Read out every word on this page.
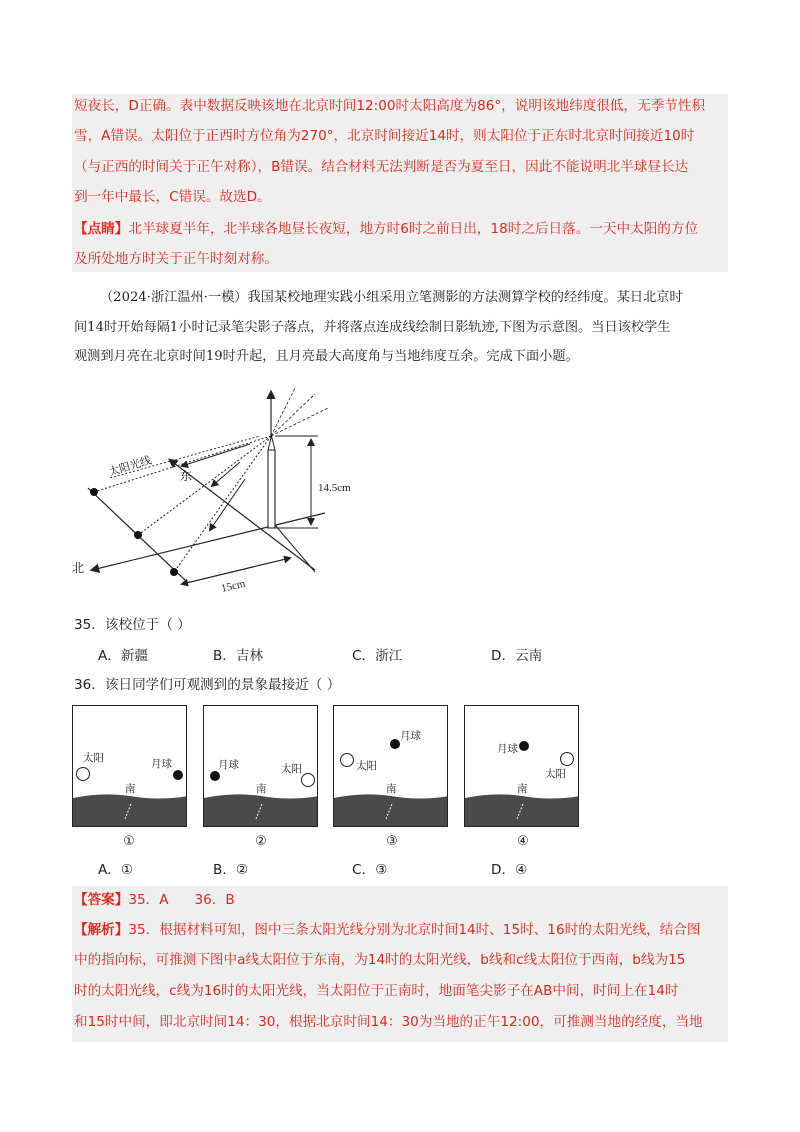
短夜长，D正确。表中数据反映该地在北京时间12:00时太阳高度为86°，说明该地纬度很低，无季节性积
雪，A错误。太阳位于正西时方位角为270°，北京时间接近14时，则太阳位于正东时北京时间接近10时
（与正西的时间关于正午对称），B错误。结合材料无法判断是否为夏至日，因此不能说明北半球昼长达
到一年中最长，C错误。故选D。
【点睛】北半球夏半年，北半球各地昼长夜短，地方时6时之前日出，18时之后日落。一天中太阳的方位
及所处地方时关于正午时刻对称。
（2024·浙江温州·一模）我国某校地理实践小组采用立笔测影的方法测算学校的经纬度。某日北京时
间14时开始每隔1小时记录笔尖影子落点，并将落点连成线绘制日影轨迹,下图为示意图。当日该校学生
观测到月亮在北京时间19时升起，且月亮最大高度角与当地纬度互余。完成下面小题。
太阳光线 东
北
14.5cm
15cm
35．该校位于（ ）
A．新疆	B．吉林	C．浙江	D．云南
36．该日同学们可观测到的景象最接近（ ）
太阳	月球
南
①
月球	太阳
南
②
月球
太阳
南
③
月球
太阳
南
④
A．①	B．②	C．③	D．④
【答案】35．A      36．B
【解析】35．根据材料可知，图中三条太阳光线分别为北京时间14时、15时、16时的太阳光线，结合图
中的指向标，可推测下图中a线太阳位于东南，为14时的太阳光线，b线和c线太阳位于西南，b线为15
时的太阳光线，c线为16时的太阳光线，当太阳位于正南时，地面笔尖影子在AB中间，时间上在14时
和15时中间，即北京时间14：30，根据北京时间14：30为当地的正午12:00，可推测当地的经度，当地
